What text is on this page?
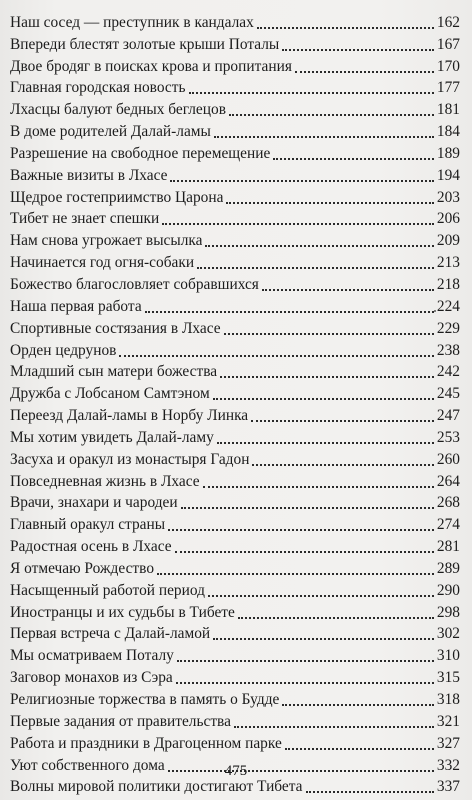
Наш сосед — преступник в кандалах	162
Впереди блестят золотые крыши Поталы	167
Двое бродяг в поисках крова и пропитания	170
Главная городская новость	177
Лхасцы балуют бедных беглецов	181
В доме родителей Далай-ламы	184
Разрешение на свободное перемещение	189
Важные визиты в Лхасе	194
Щедрое гостеприимство Царона	203
Тибет не знает спешки	206
Нам снова угрожает высылка	209
Начинается год огня-собаки	213
Божество благословляет собравшихся	218
Наша первая работа	224
Спортивные состязания в Лхасе	229
Орден цедрунов	238
Младший сын матери божества	242
Дружба с Лобсаном Самтэном	245
Переезд Далай-ламы в Норбу Линка	247
Мы хотим увидеть Далай-ламу	253
Засуха и оракул из монастыря Гадон	260
Повседневная жизнь в Лхасе	264
Врачи, знахари и чародеи	268
Главный оракул страны	274
Радостная осень в Лхасе	281
Я отмечаю Рождество	289
Насыщенный работой период	290
Иностранцы и их судьбы в Тибете	298
Первая встреча с Далай-ламой	302
Мы осматриваем Поталу	310
Заговор монахов из Сэра	315
Религиозные торжества в память о Будде	318
Первые задания от правительства	321
Работа и праздники в Драгоценном парке	327
Уют собственного дома	332
Волны мировой политики достигают Тибета	337
475
